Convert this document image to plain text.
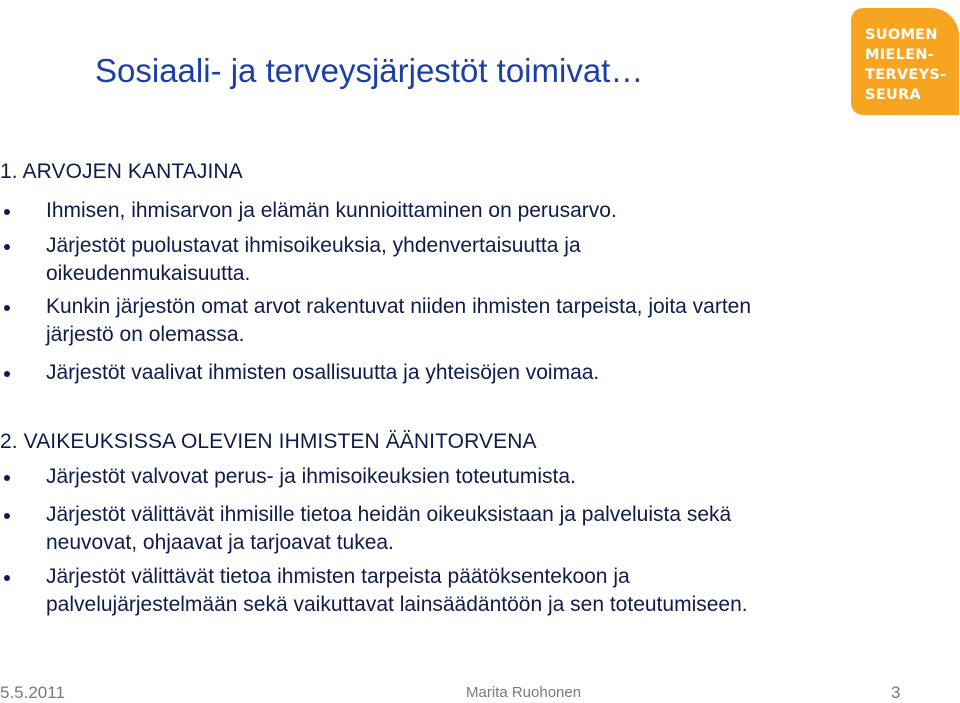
Sosiaali- ja terveysjärjestöt toimivat…
SUOMEN
MIELEN-
TERVEYS-
SEURA
1. ARVOJEN KANTAJINA
Ihmisen, ihmisarvon ja elämän kunnioittaminen on perusarvo.
Järjestöt puolustavat ihmisoikeuksia, yhdenvertaisuutta ja
oikeudenmukaisuutta.
Kunkin järjestön omat arvot rakentuvat niiden ihmisten tarpeista, joita varten
järjestö on olemassa.
Järjestöt vaalivat ihmisten osallisuutta ja yhteisöjen voimaa.
2. VAIKEUKSISSA OLEVIEN IHMISTEN ÄÄNITORVENA
Järjestöt valvovat perus- ja ihmisoikeuksien toteutumista.
Järjestöt välittävät ihmisille tietoa heidän oikeuksistaan ja palveluista sekä
neuvovat, ohjaavat ja tarjoavat tukea.
Järjestöt välittävät tietoa ihmisten tarpeista päätöksentekoon ja
palvelujärjestelmään sekä vaikuttavat lainsäädäntöön ja sen toteutumiseen.
5.5.2011	Marita Ruohonen	3
